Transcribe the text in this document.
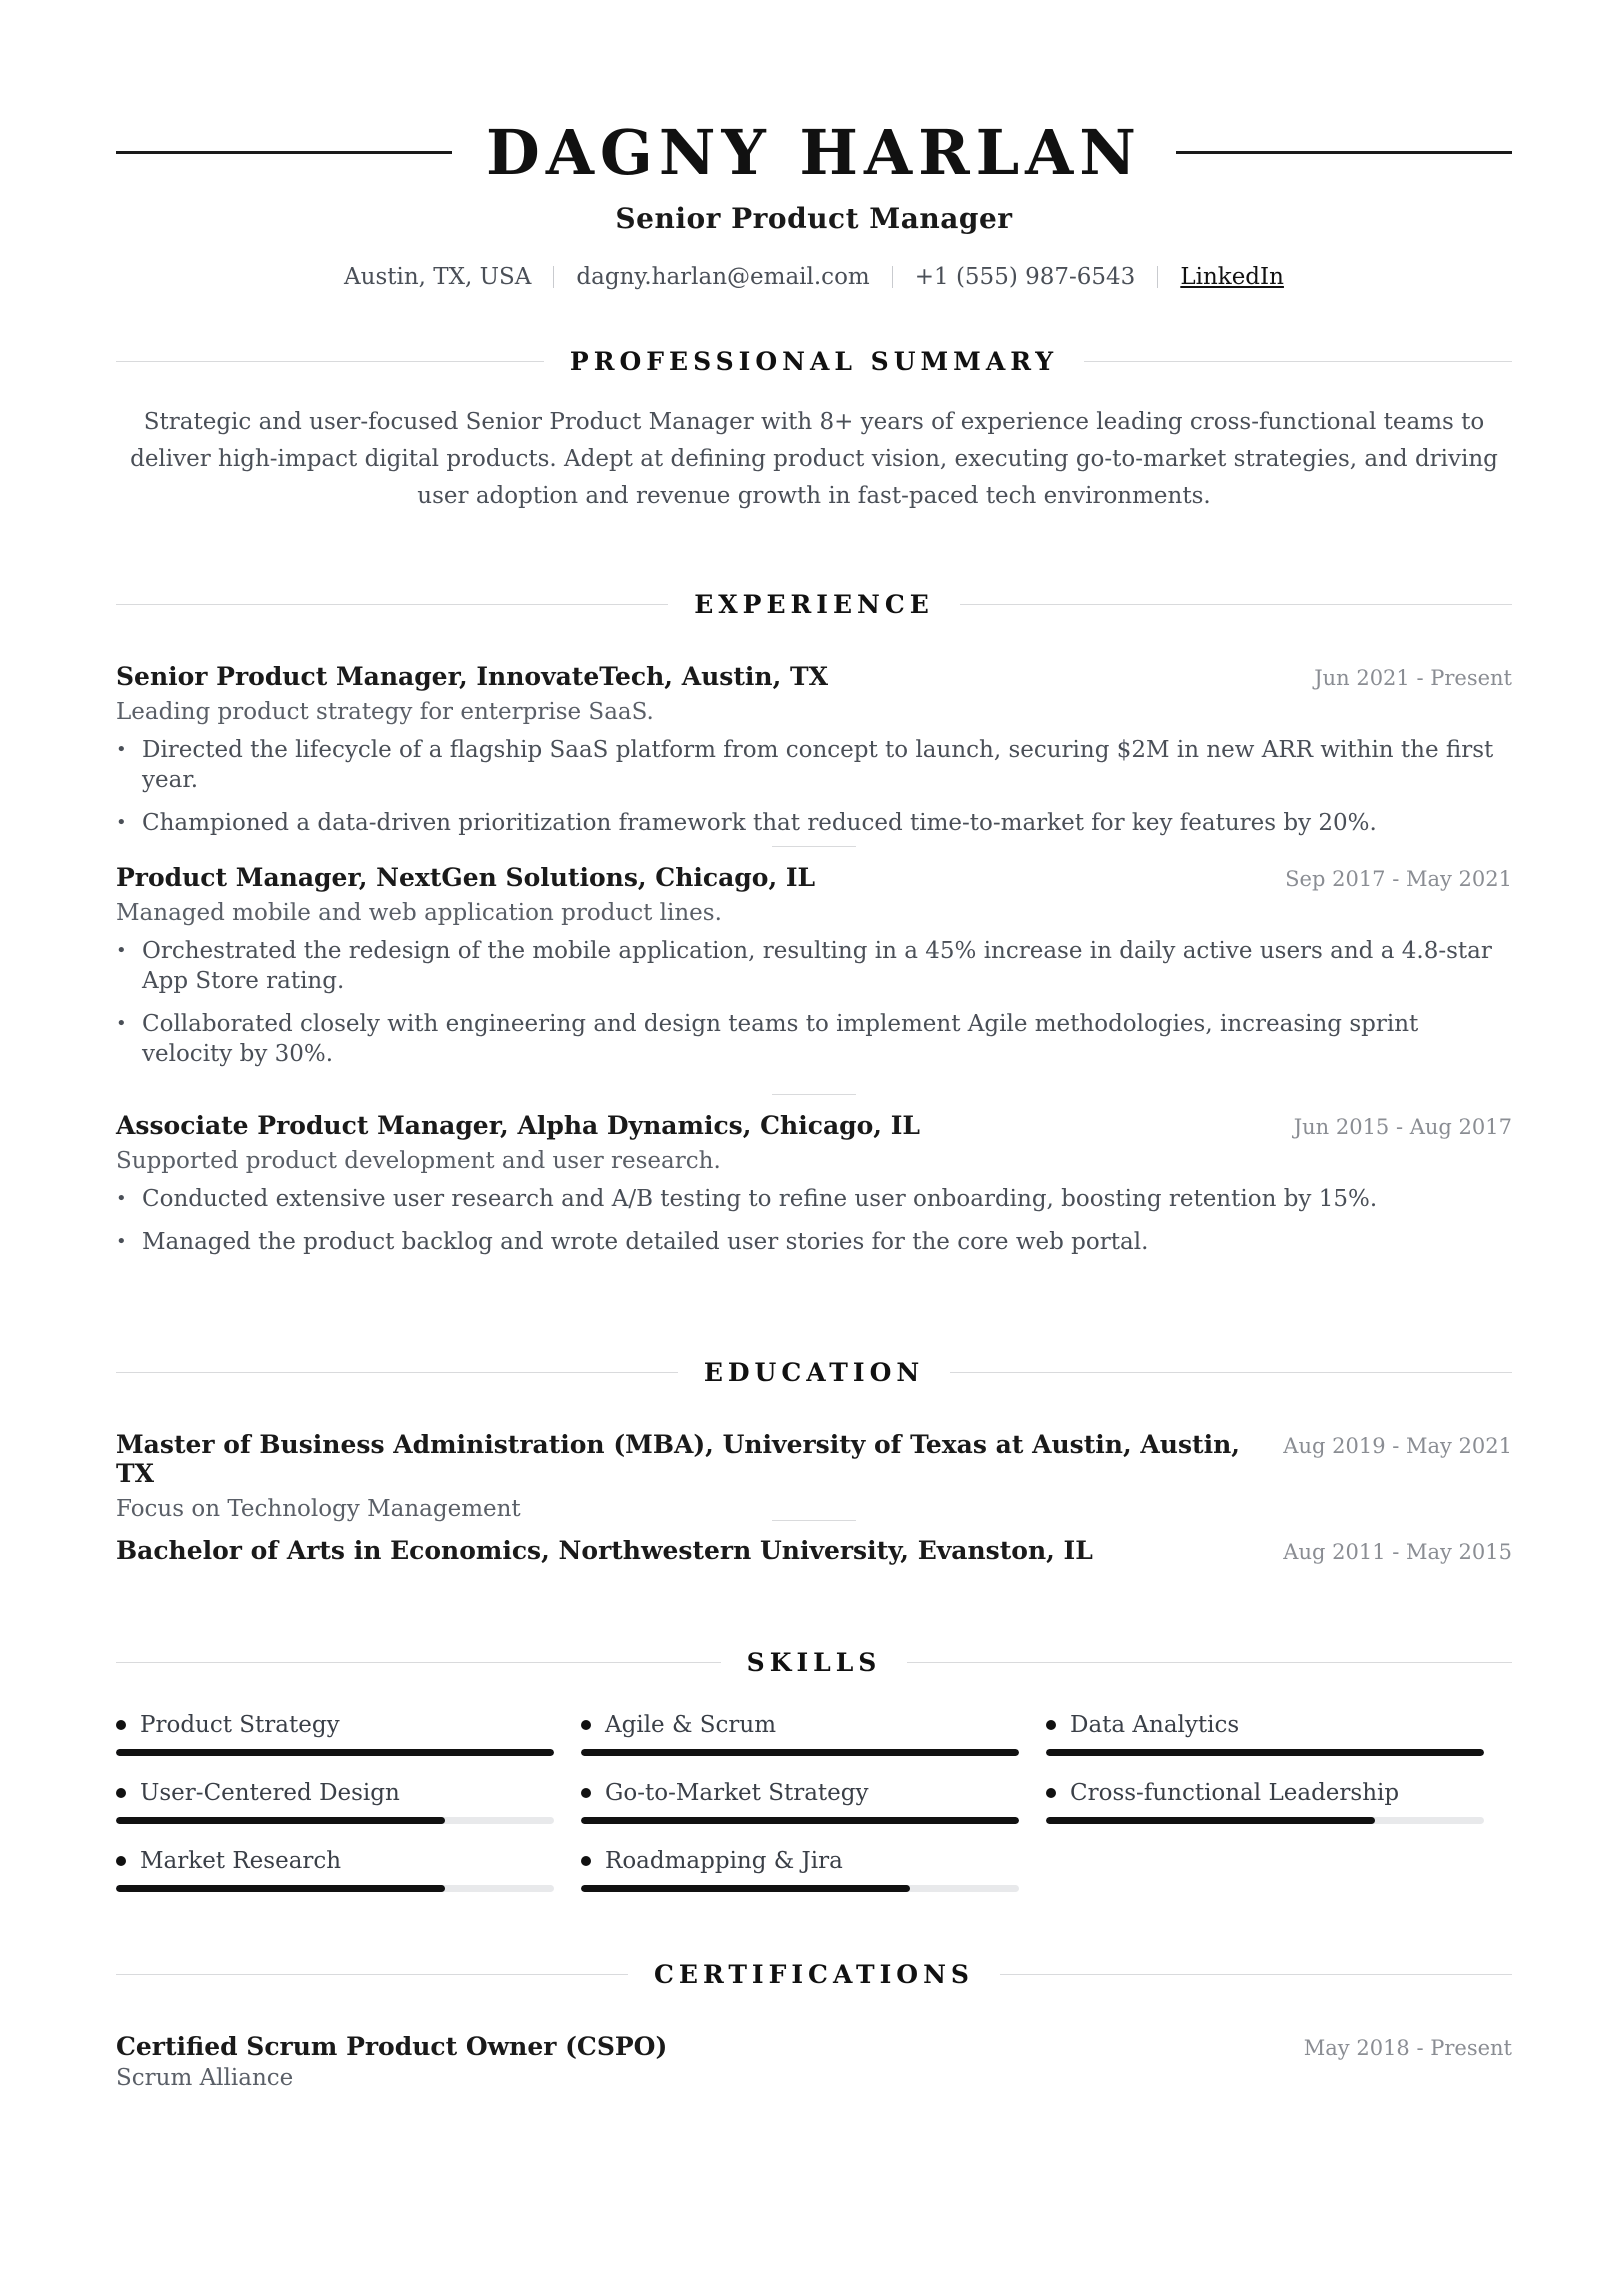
DAGNY HARLAN
Senior Product Manager
Austin, TX, USA dagny.harlan@email.com +1 (555) 987-6543 LinkedIn
PROFESSIONAL SUMMARY
Strategic and user-focused Senior Product Manager with 8+ years of experience leading cross-functional teams to deliver high-impact digital products. Adept at defining product vision, executing go-to-market strategies, and driving user adoption and revenue growth in fast-paced tech environments.
EXPERIENCE
Senior Product Manager, InnovateTech, Austin, TX	Jun 2021 - Present
Leading product strategy for enterprise SaaS.
• Directed the lifecycle of a flagship SaaS platform from concept to launch, securing $2M in new ARR within the first year.
• Championed a data-driven prioritization framework that reduced time-to-market for key features by 20%.
Product Manager, NextGen Solutions, Chicago, IL	Sep 2017 - May 2021
Managed mobile and web application product lines.
• Orchestrated the redesign of the mobile application, resulting in a 45% increase in daily active users and a 4.8-star App Store rating.
• Collaborated closely with engineering and design teams to implement Agile methodologies, increasing sprint velocity by 30%.
Associate Product Manager, Alpha Dynamics, Chicago, IL	Jun 2015 - Aug 2017
Supported product development and user research.
• Conducted extensive user research and A/B testing to refine user onboarding, boosting retention by 15%.
• Managed the product backlog and wrote detailed user stories for the core web portal.
EDUCATION
Master of Business Administration (MBA), University of Texas at Austin, Austin, TX
Aug 2019 - May 2021
Focus on Technology Management
Bachelor of Arts in Economics, Northwestern University, Evanston, IL	Aug 2011 - May 2015
SKILLS
Product Strategy	Agile & Scrum	Data Analytics
User-Centered Design	Go-to-Market Strategy	Cross-functional Leadership
Market Research	Roadmapping & Jira
CERTIFICATIONS
Certified Scrum Product Owner (CSPO)	May 2018 - Present
Scrum Alliance
